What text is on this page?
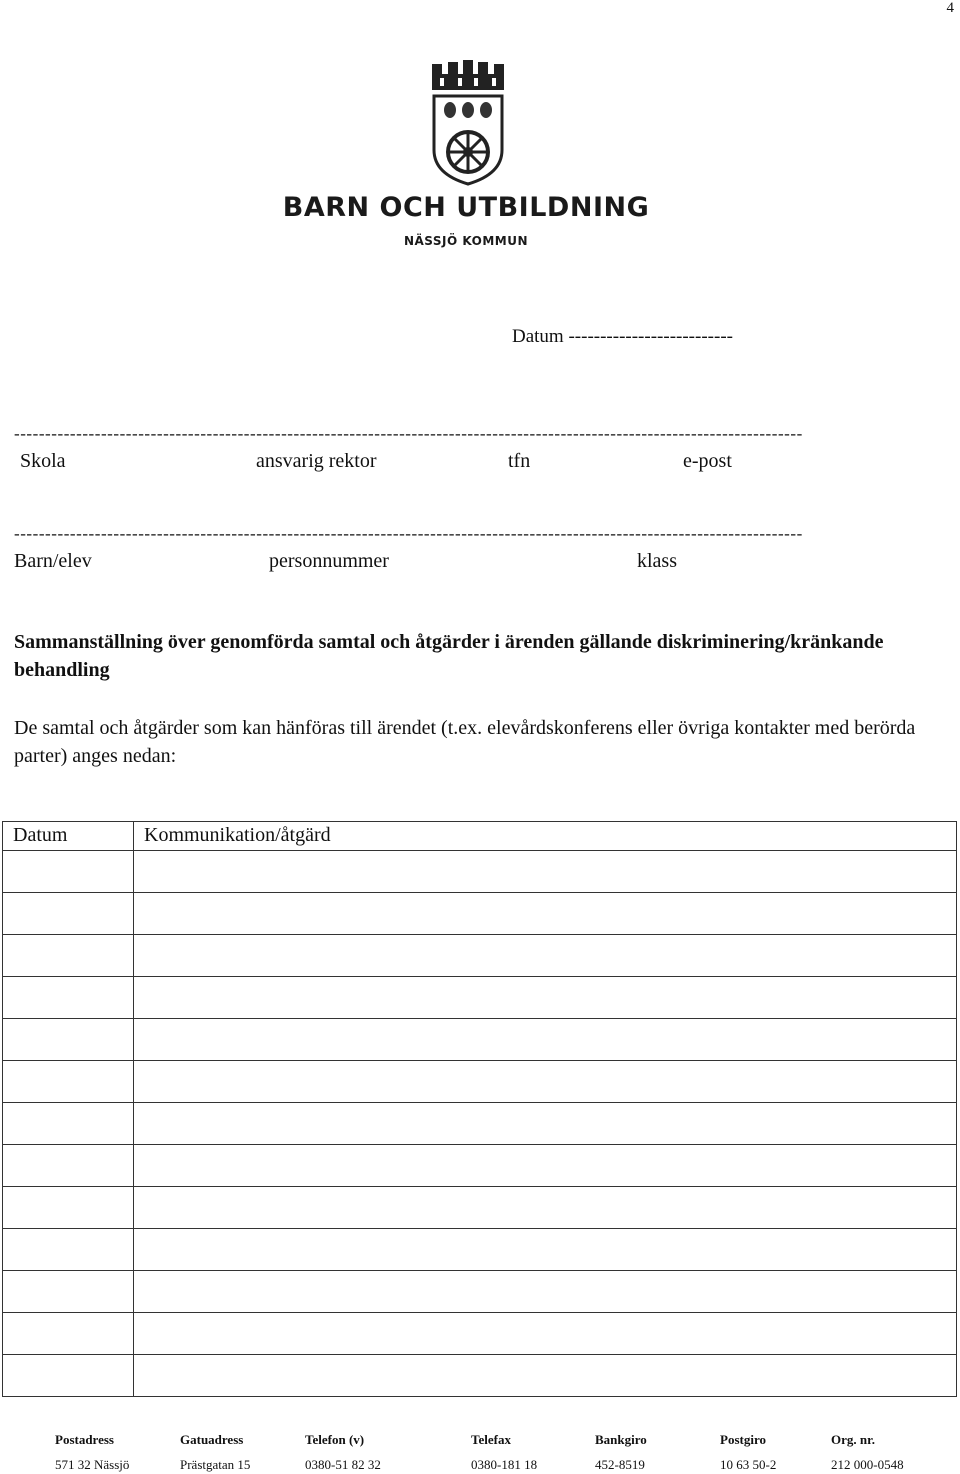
4
BARN OCH UTBILDNING
NÄSSJÖ KOMMUN
Datum --------------------------
-------------------------------------------------------------------------------------------------------------------------------
Skola	ansvarig rektor	tfn	e-post
-------------------------------------------------------------------------------------------------------------------------------
Barn/elev	personnummer	klass
Sammanställning över genomförda samtal och åtgärder i ärenden gällande diskriminering/kränkande behandling
De samtal och åtgärder som kan hänföras till ärendet (t.ex. elevårdskonferens eller övriga kontakter med berörda parter) anges nedan:
Datum	Kommunikation/åtgärd

Postadress	Gatuadress	Telefon (v)	Telefax	Bankgiro	Postgiro	Org. nr.
571 32 Nässjö	Prästgatan 15	0380-51 82 32	0380-181 18	452-8519	10 63 50-2	212 000-0548
